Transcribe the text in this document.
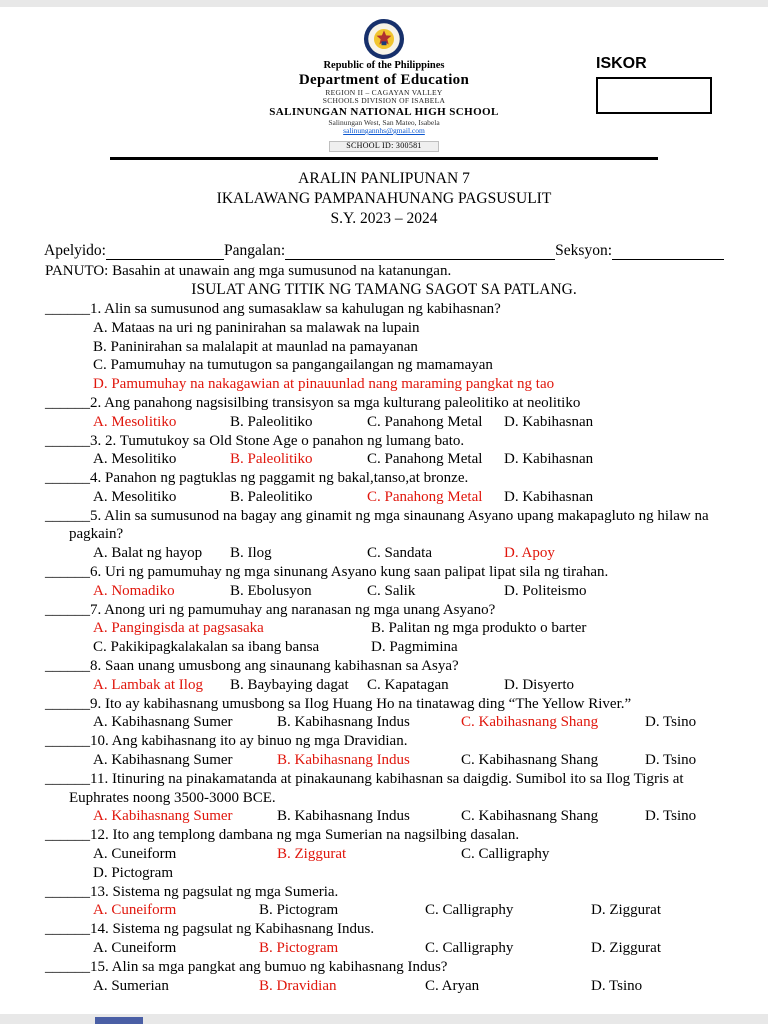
ISKOR
Republic of the Philippines
Department of Education
REGION II – CAGAYAN VALLEY
SCHOOLS DIVISION OF ISABELA
SALINUNGAN NATIONAL HIGH SCHOOL
Salinungan West, San Mateo, Isabela
salinungannhs@gmail.com
SCHOOL ID: 300581
ARALIN PANLIPUNAN 7
IKALAWANG PAMPANAHUNANG PAGSUSULIT
S.Y. 2023 – 2024
Apelyido:	Pangalan:	Seksyon:
PANUTO: Basahin at unawain ang mga sumusunod na katanungan.
ISULAT ANG TITIK NG TAMANG SAGOT SA PATLANG.
______1. Alin sa sumusunod ang sumasaklaw sa kahulugan ng kabihasnan?
A. Mataas na uri ng paninirahan sa malawak na lupain
B. Paninirahan sa malalapit at maunlad na pamayanan
C. Pamumuhay na tumutugon sa pangangailangan ng mamamayan
D. Pamumuhay na nakagawian at pinauunlad nang maraming pangkat ng tao
______2. Ang panahong nagsisilbing transisyon sa mga kulturang paleolitiko at neolitiko
A. Mesolitiko	B. Paleolitiko	C. Panahong Metal	D. Kabihasnan
______3. 2. Tumutukoy sa Old Stone Age o panahon ng lumang bato.
A. Mesolitiko	B. Paleolitiko	C. Panahong Metal	D. Kabihasnan
______4. Panahon ng pagtuklas ng paggamit ng bakal,tanso,at bronze.
A. Mesolitiko	B. Paleolitiko	C. Panahong Metal	D. Kabihasnan
______5. Alin sa sumusunod na bagay ang ginamit ng mga sinaunang Asyano upang makapagluto ng hilaw na pagkain?
A. Balat ng hayop	B. Ilog	C. Sandata	D. Apoy
______6. Uri ng pamumuhay ng mga sinunang Asyano kung saan palipat lipat sila ng tirahan.
A. Nomadiko	B. Ebolusyon	C. Salik	D. Politeismo
______7. Anong uri ng pamumuhay ang naranasan ng mga unang Asyano?
A. Pangingisda at pagsasaka	B. Palitan ng mga produkto o barter
C. Pakikipagkalakalan sa ibang bansa	D. Pagmimina
______8. Saan unang umusbong ang sinaunang kabihasnan sa Asya?
A. Lambak at Ilog	B. Baybaying dagat	C. Kapatagan	D. Disyerto
______9. Ito ay kabihasnang umusbong sa Ilog Huang Ho na tinatawag ding “The Yellow River.”
A. Kabihasnang Sumer	B. Kabihasnang Indus	C. Kabihasnang Shang	D. Tsino
______10. Ang kabihasnang ito ay binuo ng mga Dravidian.
A. Kabihasnang Sumer	B. Kabihasnang Indus	C. Kabihasnang Shang	D. Tsino
______11. Itinuring na pinakamatanda at pinakaunang kabihasnan sa daigdig. Sumibol ito sa Ilog Tigris at Euphrates noong 3500-3000 BCE.
A. Kabihasnang Sumer	B. Kabihasnang Indus	C. Kabihasnang Shang	D. Tsino
______12. Ito ang templong dambana ng mga Sumerian na nagsilbing dasalan.
A. Cuneiform	B. Ziggurat	C. Calligraphy
D. Pictogram
______13. Sistema ng pagsulat ng mga Sumeria.
A. Cuneiform	B. Pictogram	C. Calligraphy	D. Ziggurat
______14. Sistema ng pagsulat ng Kabihasnang Indus.
A. Cuneiform	B. Pictogram	C. Calligraphy	D. Ziggurat
______15. Alin sa mga pangkat ang bumuo ng kabihasnang Indus?
A. Sumerian	B. Dravidian	C. Aryan	D. Tsino
